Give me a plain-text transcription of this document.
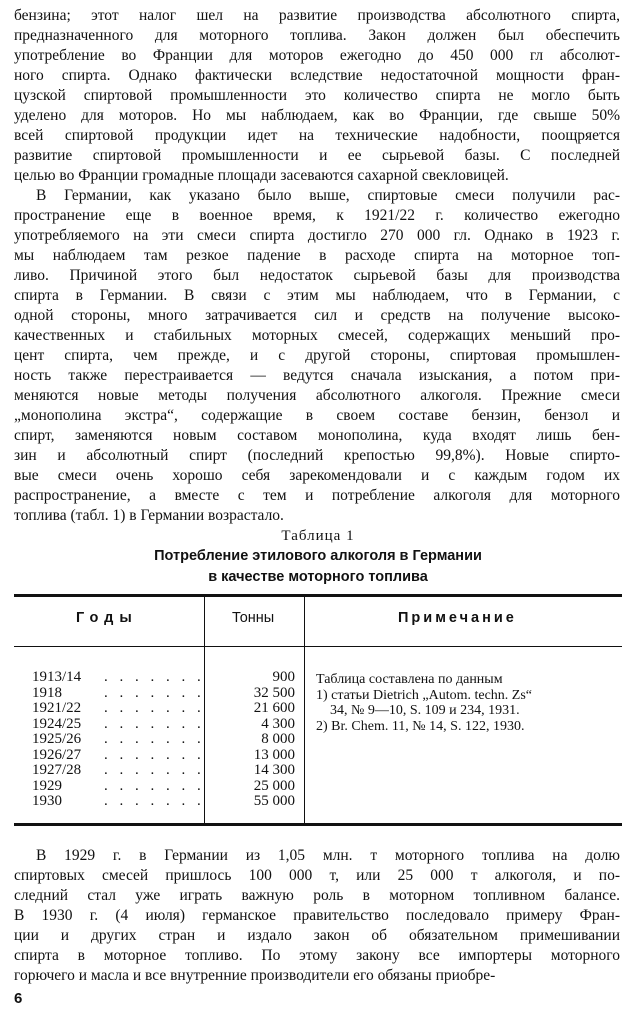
бензина; этот налог шел на развитие производства абсолютного спирта,
предназначенного для моторного топлива. Закон должен был обеспечить
употребление во Франции для моторов ежегодно до 450 000 гл абсолют-
ного спирта. Однако фактически вследствие недостаточной мощности фран-
цузской спиртовой промышленности это количество спирта не могло быть
уделено для моторов. Но мы наблюдаем, как во Франции, где свыше 50%
всей спиртовой продукции идет на технические надобности, поощряется
развитие спиртовой промышленности и ее сырьевой базы. С последней
целью во Франции громадные площади засеваются сахарной свекловицей.
В Германии, как указано было выше, спиртовые смеси получили рас-
пространение еще в военное время, к 1921/22 г. количество ежегодно
употребляемого на эти смеси спирта достигло 270 000 гл. Однако в 1923 г.
мы наблюдаем там резкое падение в расходе спирта на моторное топ-
ливо. Причиной этого был недостаток сырьевой базы для производства
спирта в Германии. В связи с этим мы наблюдаем, что в Германии, с
одной стороны, много затрачивается сил и средств на получение высоко-
качественных и стабильных моторных смесей, содержащих меньший про-
цент спирта, чем прежде, и с другой стороны, спиртовая промышлен-
ность также перестраивается — ведутся сначала изыскания, а потом при-
меняются новые методы получения абсолютного алкоголя. Прежние смеси
„монополина экстра“, содержащие в своем составе бензин, бензол и
спирт, заменяются новым составом монополина, куда входят лишь бен-
зин и абсолютный спирт (последний крепостью 99,8%). Новые спирто-
вые смеси очень хорошо себя зарекомендовали и с каждым годом их
распространение, а вместе с тем и потребление алкоголя для моторного
топлива (табл. 1) в Германии возрастало.
Таблица 1
Потребление этилового алкоголя в Германии
в качестве моторного топлива
Годы	Тонны	Примечание
1913/14 . . . . . . .	900
1918	. . . . . . .	32 500
1921/22 . . . . . . .	21 600
1924/25 . . . . . . .	4 300
1925/26 . . . . . . .	8 000
1926/27 . . . . . . .	13 000
1927/28 . . . . . . .	14 300
1929	. . . . . . .	25 000
1930	. . . . . . .	55 000
Таблица составлена по данным
1) статьи Dietrich „Autom. techn. Zs“
34, № 9—10, S. 109 и 234, 1931.
2) Br. Chem. 11, № 14, S. 122, 1930.
В 1929 г. в Германии из 1,05 млн. т моторного топлива на долю
спиртовых смесей пришлось 100 000 т, или 25 000 т алкоголя, и по-
следний стал уже играть важную роль в моторном топливном балансе.
В 1930 г. (4 июля) германское правительство последовало примеру Фран-
ции и других стран и издало закон об обязательном примешивании
спирта в моторное топливо. По этому закону все импортеры моторного
горючего и масла и все внутренние производители его обязаны приобре-
6
